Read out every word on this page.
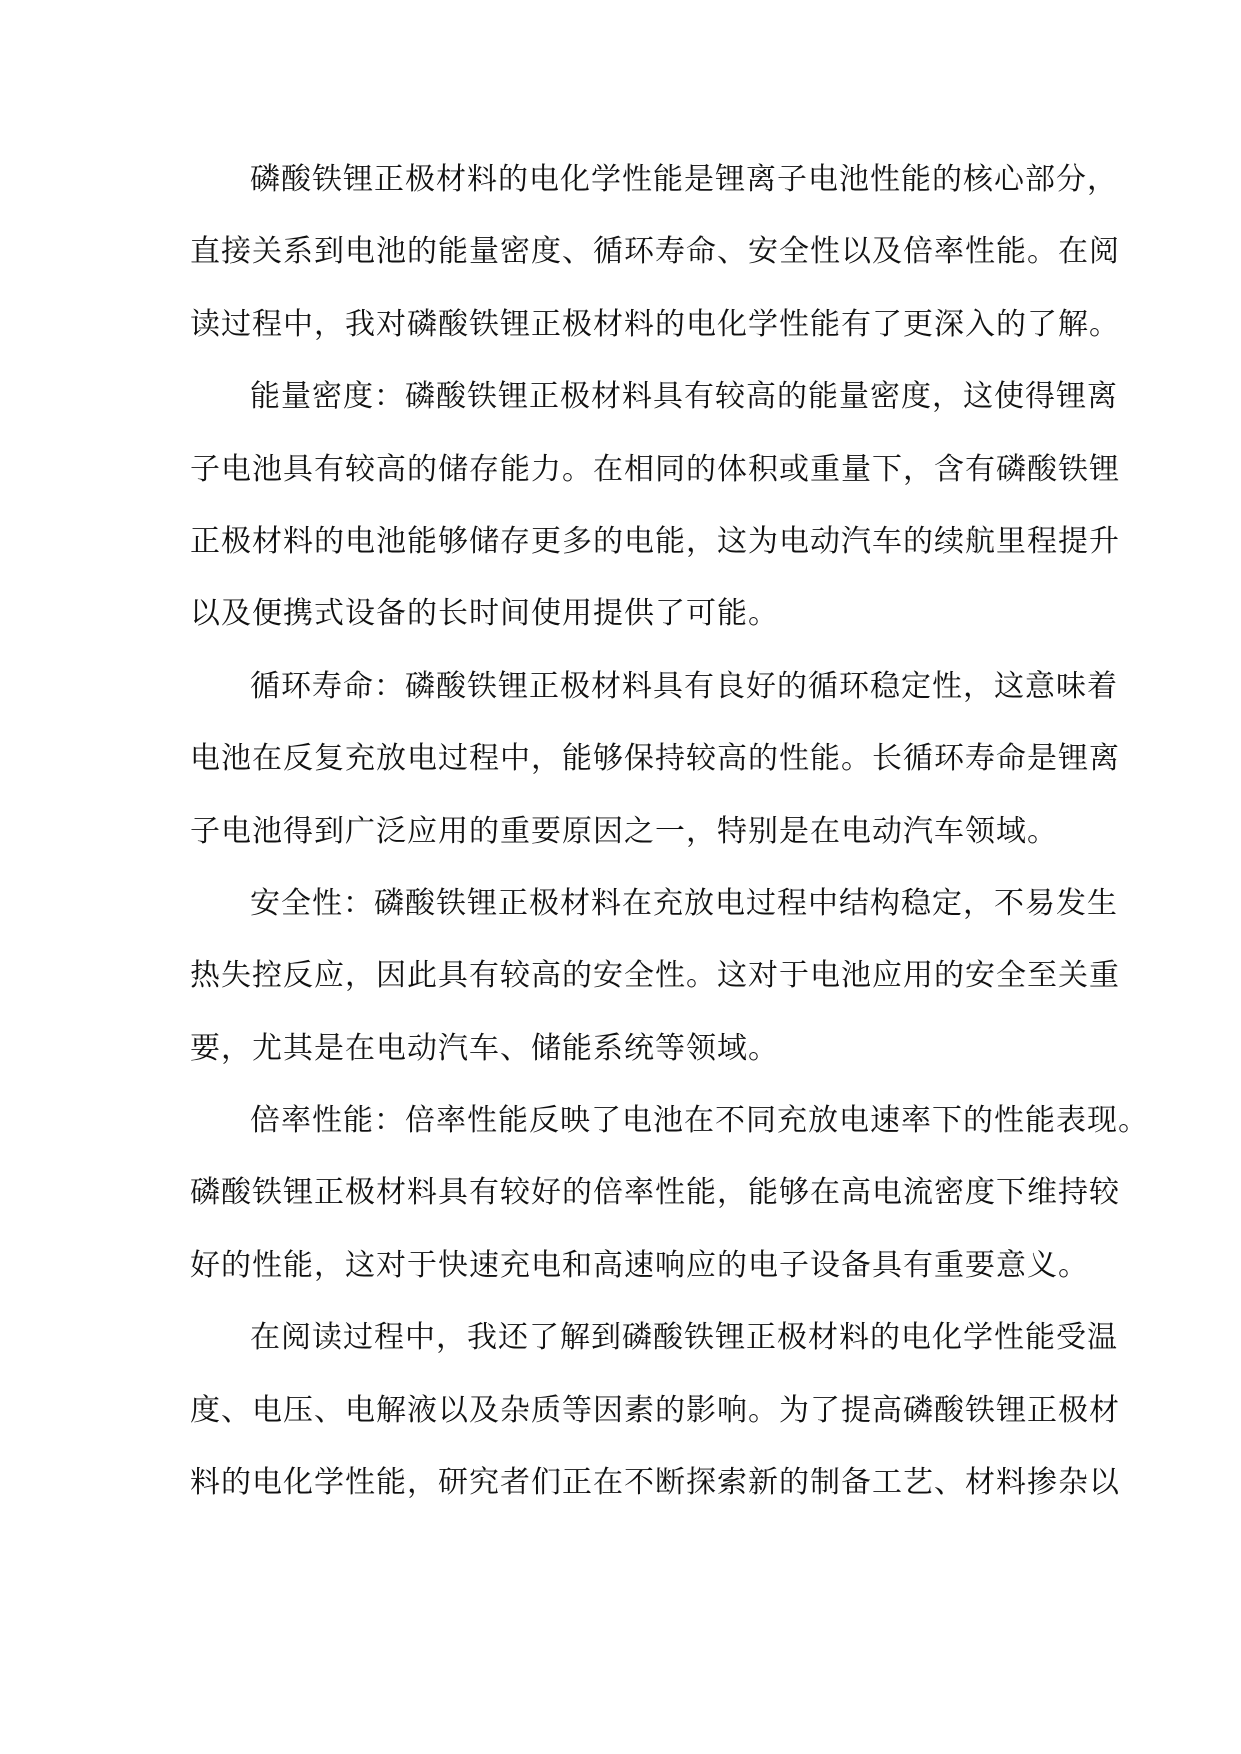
磷酸铁锂正极材料的电化学性能是锂离子电池性能的核心部分，
直接关系到电池的能量密度、循环寿命、安全性以及倍率性能。在阅
读过程中，我对磷酸铁锂正极材料的电化学性能有了更深入的了解。
能量密度：磷酸铁锂正极材料具有较高的能量密度，这使得锂离
子电池具有较高的储存能力。在相同的体积或重量下，含有磷酸铁锂
正极材料的电池能够储存更多的电能，这为电动汽车的续航里程提升
以及便携式设备的长时间使用提供了可能。
循环寿命：磷酸铁锂正极材料具有良好的循环稳定性，这意味着
电池在反复充放电过程中，能够保持较高的性能。长循环寿命是锂离
子电池得到广泛应用的重要原因之一，特别是在电动汽车领域。
安全性：磷酸铁锂正极材料在充放电过程中结构稳定，不易发生
热失控反应，因此具有较高的安全性。这对于电池应用的安全至关重
要，尤其是在电动汽车、储能系统等领域。
倍率性能：倍率性能反映了电池在不同充放电速率下的性能表现。
磷酸铁锂正极材料具有较好的倍率性能，能够在高电流密度下维持较
好的性能，这对于快速充电和高速响应的电子设备具有重要意义。
在阅读过程中，我还了解到磷酸铁锂正极材料的电化学性能受温
度、电压、电解液以及杂质等因素的影响。为了提高磷酸铁锂正极材
料的电化学性能，研究者们正在不断探索新的制备工艺、材料掺杂以
